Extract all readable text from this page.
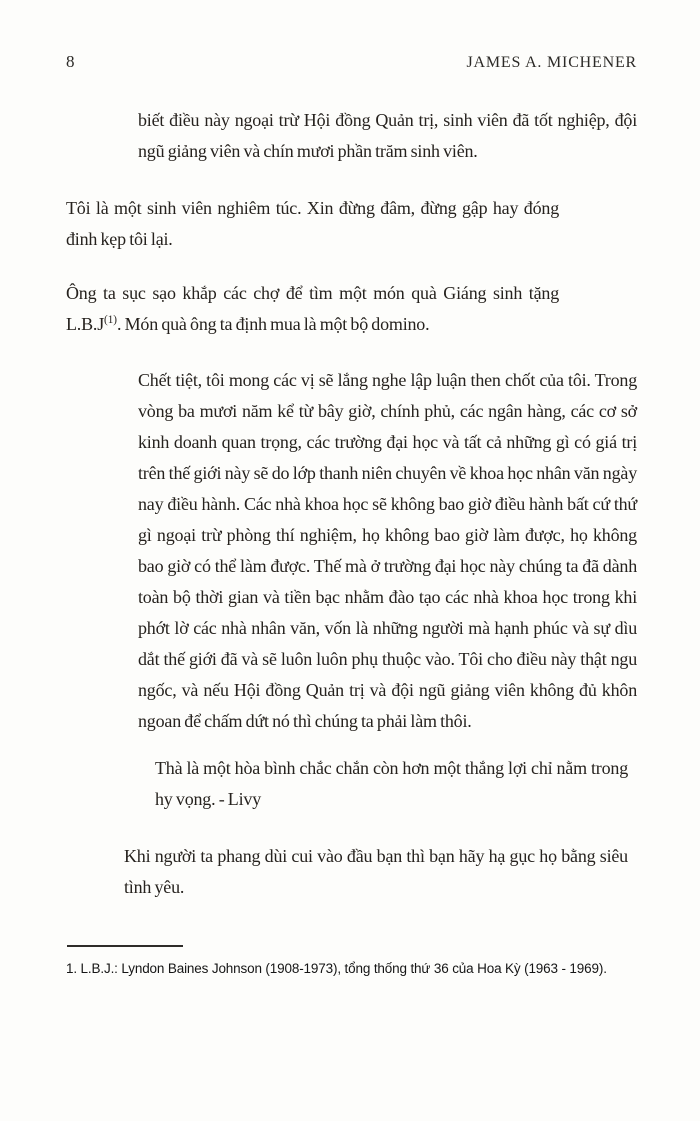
8	JAMES A. MICHENER

biết điều này ngoại trừ Hội đồng Quản trị, sinh viên đã tốt nghiệp, đội ngũ giảng viên và chín mươi phần trăm sinh viên.

Tôi là một sinh viên nghiêm túc. Xin đừng đâm, đừng gập hay đóng đinh kẹp tôi lại.

Ông ta sục sạo khắp các chợ để tìm một món quà Giáng sinh tặng L.B.J$^{(1)}$. Món quà ông ta định mua là một bộ domino.

Chết tiệt, tôi mong các vị sẽ lắng nghe lập luận then chốt của tôi. Trong vòng ba mươi năm kể từ bây giờ, chính phủ, các ngân hàng, các cơ sở kinh doanh quan trọng, các trường đại học và tất cả những gì có giá trị trên thế giới này sẽ do lớp thanh niên chuyên về khoa học nhân văn ngày nay điều hành. Các nhà khoa học sẽ không bao giờ điều hành bất cứ thứ gì ngoại trừ phòng thí nghiệm, họ không bao giờ làm được, họ không bao giờ có thể làm được. Thế mà ở trường đại học này chúng ta đã dành toàn bộ thời gian và tiền bạc nhằm đào tạo các nhà khoa học trong khi phớt lờ các nhà nhân văn, vốn là những người mà hạnh phúc và sự dìu dắt thế giới đã và sẽ luôn luôn phụ thuộc vào. Tôi cho điều này thật ngu ngốc, và nếu Hội đồng Quản trị và đội ngũ giảng viên không đủ khôn ngoan để chấm dứt nó thì chúng ta phải làm thôi.

Thà là một hòa bình chắc chắn còn hơn một thắng lợi chỉ nằm trong hy vọng. - Livy

Khi người ta phang dùi cui vào đầu bạn thì bạn hãy hạ gục họ bằng siêu tình yêu.

1. L.B.J.: Lyndon Baines Johnson (1908-1973), tổng thống thứ 36 của Hoa Kỳ (1963 - 1969).
